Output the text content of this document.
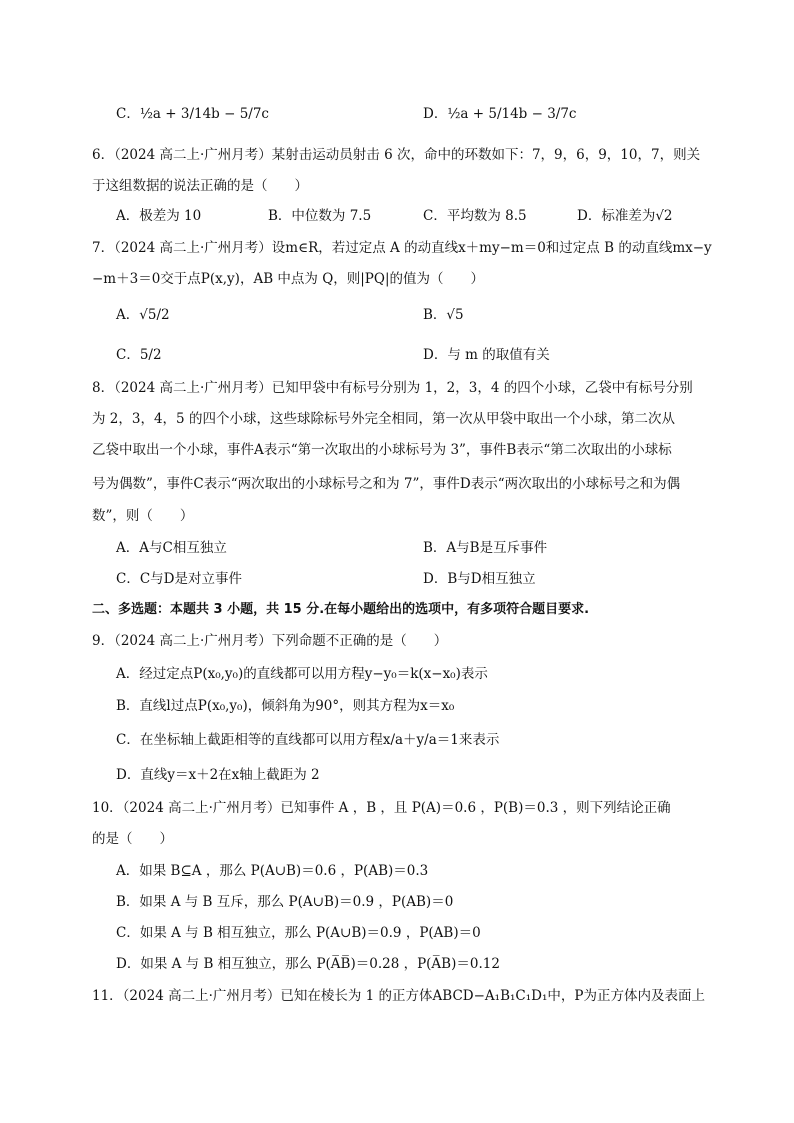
C．½a + 3/14b − 5/7c	D．½a + 5/14b − 3/7c
6．（2024 高二上·广州月考）某射击运动员射击 6 次，命中的环数如下：7，9，6，9，10，7，则关
于这组数据的说法正确的是（　　）
A．极差为 10	B．中位数为 7.5	C．平均数为 8.5	D．标准差为√2
7．（2024 高二上·广州月考）设m∈R，若过定点 A 的动直线x＋my−m＝0和过定点 B 的动直线mx−y
−m＋3＝0交于点P(x,y)，AB 中点为 Q，则|PQ|的值为（　　）
A．√5/2	B．√5
C．5/2	D．与 m 的取值有关
8．（2024 高二上·广州月考）已知甲袋中有标号分别为 1，2，3，4 的四个小球，乙袋中有标号分别
为 2，3，4，5 的四个小球，这些球除标号外完全相同，第一次从甲袋中取出一个小球，第二次从
乙袋中取出一个小球，事件A表示“第一次取出的小球标号为 3”，事件B表示“第二次取出的小球标
号为偶数”，事件C表示“两次取出的小球标号之和为 7”，事件D表示“两次取出的小球标号之和为偶
数”，则（　　）
A．A与C相互独立	B．A与B是互斥事件
C．C与D是对立事件	D．B与D相互独立
二、多选题：本题共 3 小题，共 15 分.在每小题给出的选项中，有多项符合题目要求.
9．（2024 高二上·广州月考）下列命题不正确的是（　　）
A．经过定点P(x₀,y₀)的直线都可以用方程y−y₀＝k(x−x₀)表示
B．直线l过点P(x₀,y₀)，倾斜角为90°，则其方程为x＝x₀
C．在坐标轴上截距相等的直线都可以用方程x/a＋y/a＝1来表示
D．直线y＝x＋2在x轴上截距为 2
10．（2024 高二上·广州月考）已知事件 A ，B ，且 P(A)＝0.6 ，P(B)＝0.3 ，则下列结论正确
的是（　　）
A．如果 B⊆A ，那么 P(A∪B)＝0.6 ，P(AB)＝0.3
B．如果 A 与 B 互斥，那么 P(A∪B)＝0.9 ，P(AB)＝0
C．如果 A 与 B 相互独立，那么 P(A∪B)＝0.9 ，P(AB)＝0
D．如果 A 与 B 相互独立，那么 P(A̅B̅)＝0.28 ，P(A̅B)＝0.12
11．（2024 高二上·广州月考）已知在棱长为 1 的正方体ABCD−A₁B₁C₁D₁中，P为正方体内及表面上
